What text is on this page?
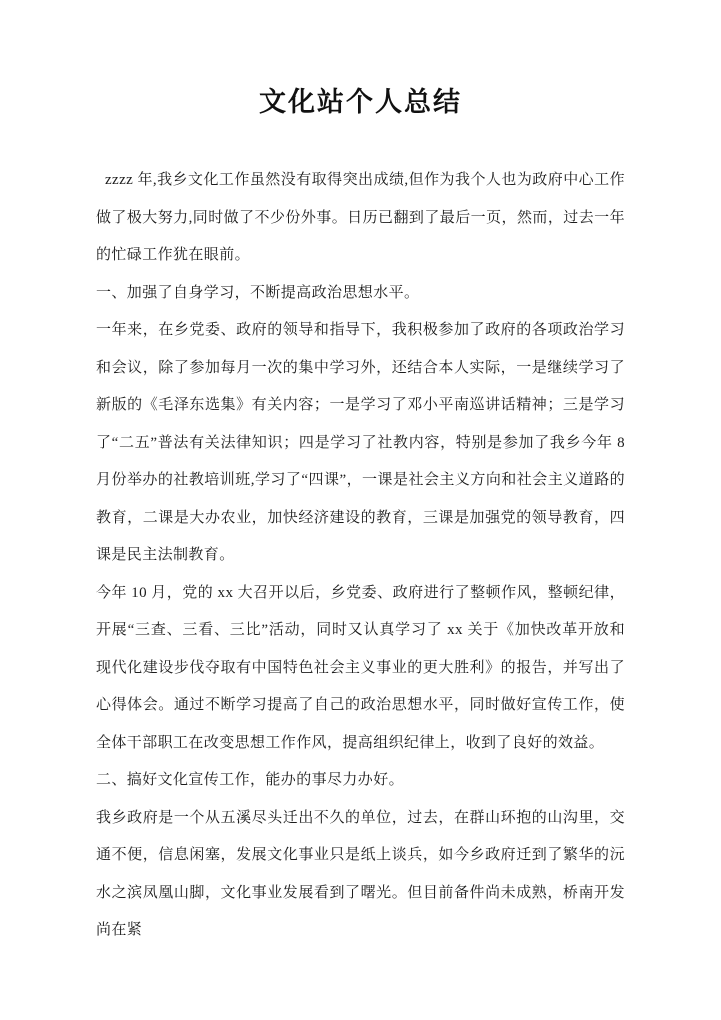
文化站个人总结

zzzz 年,我乡文化工作虽然没有取得突出成绩,但作为我个人也为政府中心工作做了极大努力,同时做了不少份外事。日历已翻到了最后一页，然而，过去一年的忙碌工作犹在眼前。

一、加强了自身学习，不断提高政治思想水平。

一年来，在乡党委、政府的领导和指导下，我积极参加了政府的各项政治学习和会议，除了参加每月一次的集中学习外，还结合本人实际，一是继续学习了新版的《毛泽东选集》有关内容；一是学习了邓小平南巡讲话精神；三是学习了“二五”普法有关法律知识；四是学习了社教内容，特别是参加了我乡今年 8 月份举办的社教培训班,学习了“四课”，一课是社会主义方向和社会主义道路的教育，二课是大办农业，加快经济建设的教育，三课是加强党的领导教育，四课是民主法制教育。

今年 10 月，党的 xx 大召开以后，乡党委、政府进行了整顿作风，整顿纪律，开展“三查、三看、三比”活动，同时又认真学习了 xx 关于《加快改革开放和现代化建设步伐夺取有中国特色社会主义事业的更大胜利》的报告，并写出了心得体会。通过不断学习提高了自己的政治思想水平，同时做好宣传工作，使全体干部职工在改变思想工作作风，提高组织纪律上，收到了良好的效益。

二、搞好文化宣传工作，能办的事尽力办好。

我乡政府是一个从五溪尽头迁出不久的单位，过去，在群山环抱的山沟里，交通不便，信息闲塞，发展文化事业只是纸上谈兵，如今乡政府迁到了繁华的沅水之滨凤凰山脚，文化事业发展看到了曙光。但目前备件尚未成熟，桥南开发尚在紧
